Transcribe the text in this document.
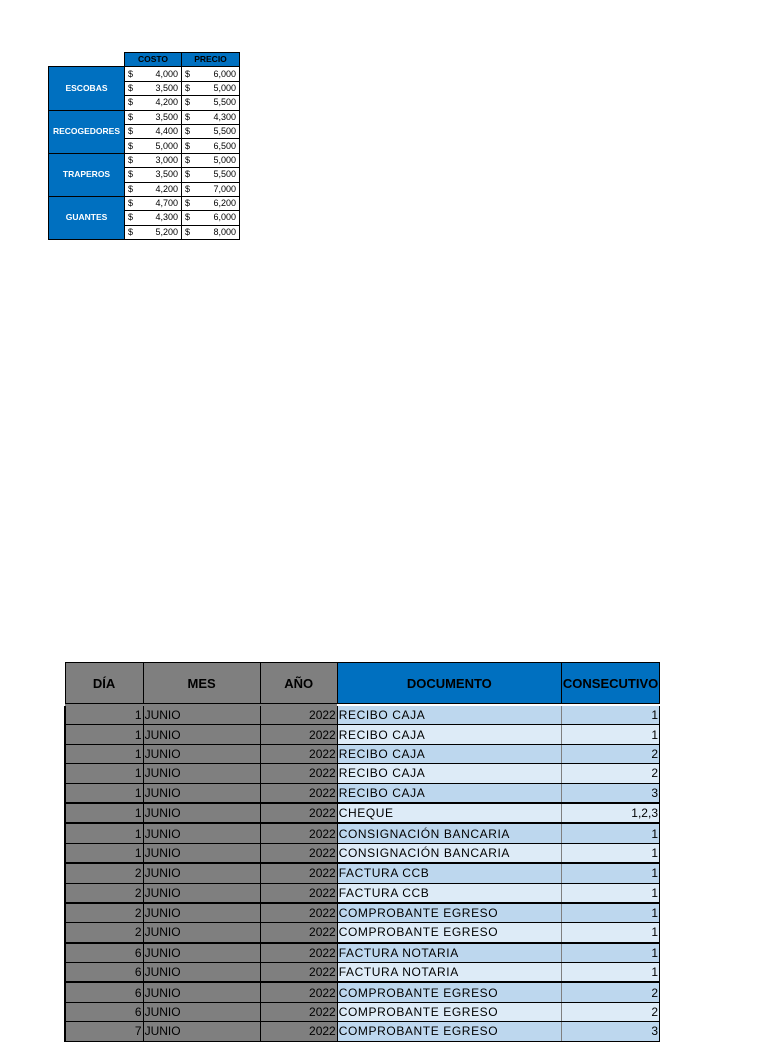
	COSTO	PRECIO
ESCOBAS	$ 4,000	$ 6,000

	$ 3,500	$ 5,000

	$ 4,200	$ 5,500

RECOGEDORES	$ 3,500	$ 4,300

	$ 4,400	$ 5,500

	$ 5,000	$ 6,500

TRAPEROS	$ 3,000	$ 5,000

	$ 3,500	$ 5,500

	$ 4,200	$ 7,000

GUANTES	$ 4,700	$ 6,200

	$ 4,300	$ 6,000

	$ 5,200	$ 8,000
DÍA	MES	AÑO	DOCUMENTO	CONSECUTIVO

1	JUNIO	2022	RECIBO CAJA	1
1	JUNIO	2022	RECIBO CAJA	1
1	JUNIO	2022	RECIBO CAJA	2
1	JUNIO	2022	RECIBO CAJA	2
1	JUNIO	2022	RECIBO CAJA	3
1	JUNIO	2022	CHEQUE	1,2,3
1	JUNIO	2022	CONSIGNACIÓN BANCARIA	1
1	JUNIO	2022	CONSIGNACIÓN BANCARIA	1
2	JUNIO	2022	FACTURA CCB	1
2	JUNIO	2022	FACTURA CCB	1
2	JUNIO	2022	COMPROBANTE EGRESO	1
2	JUNIO	2022	COMPROBANTE EGRESO	1
6	JUNIO	2022	FACTURA NOTARIA	1
6	JUNIO	2022	FACTURA NOTARIA	1
6	JUNIO	2022	COMPROBANTE EGRESO	2
6	JUNIO	2022	COMPROBANTE EGRESO	2
7	JUNIO	2022	COMPROBANTE EGRESO	3
